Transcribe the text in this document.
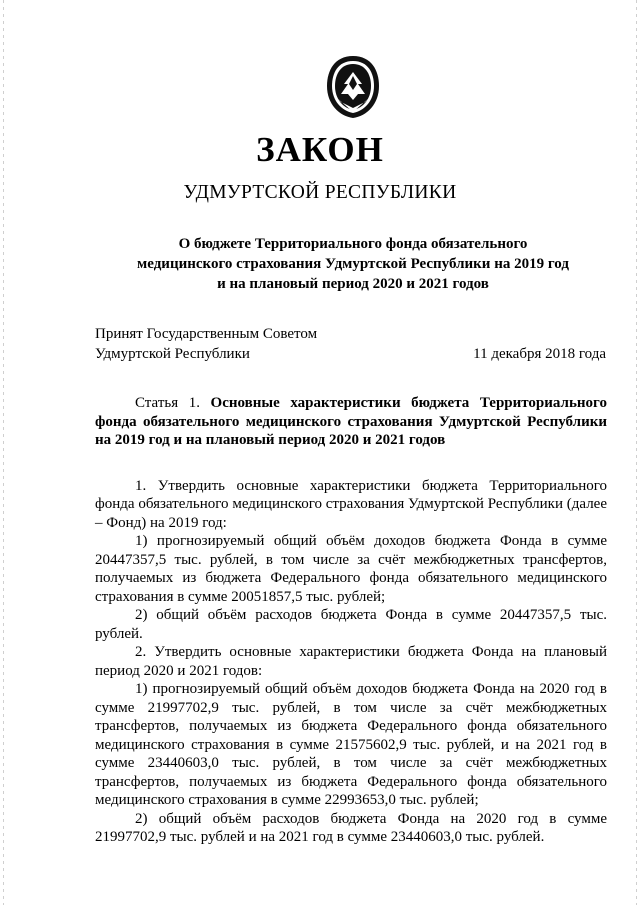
ЗАКОН
УДМУРТСКОЙ РЕСПУБЛИКИ
О бюджете Территориального фонда обязательного
медицинского страхования Удмуртской Республики на 2019 год
и на плановый период 2020 и 2021 годов
Принят Государственным Советом
Удмуртской Республики	11 декабря 2018 года

Статья 1. Основные характеристики бюджета Территориального фонда обязательного медицинского страхования Удмуртской Республики на 2019 год и на плановый период 2020 и 2021 годов

1. Утвердить основные характеристики бюджета Территориального фонда обязательного медицинского страхования Удмуртской Республики (далее – Фонд) на 2019 год:

1) прогнозируемый общий объём доходов бюджета Фонда в сумме 20447357,5 тыс. рублей, в том числе за счёт межбюджетных трансфертов, получаемых из бюджета Федерального фонда обязательного медицинского страхования в сумме 20051857,5 тыс. рублей;

2) общий объём расходов бюджета Фонда в сумме 20447357,5 тыс. рублей.

2. Утвердить основные характеристики бюджета Фонда на плановый период 2020 и 2021 годов:

1) прогнозируемый общий объём доходов бюджета Фонда на 2020 год в сумме 21997702,9 тыс. рублей, в том числе за счёт межбюджетных трансфертов, получаемых из бюджета Федерального фонда обязательного медицинского страхования в сумме 21575602,9 тыс. рублей, и на 2021 год в сумме 23440603,0 тыс. рублей, в том числе за счёт межбюджетных трансфертов, получаемых из бюджета Федерального фонда обязательного медицинского страхования в сумме 22993653,0 тыс. рублей;

2) общий объём расходов бюджета Фонда на 2020 год в сумме 21997702,9 тыс. рублей и на 2021 год в сумме 23440603,0 тыс. рублей.
